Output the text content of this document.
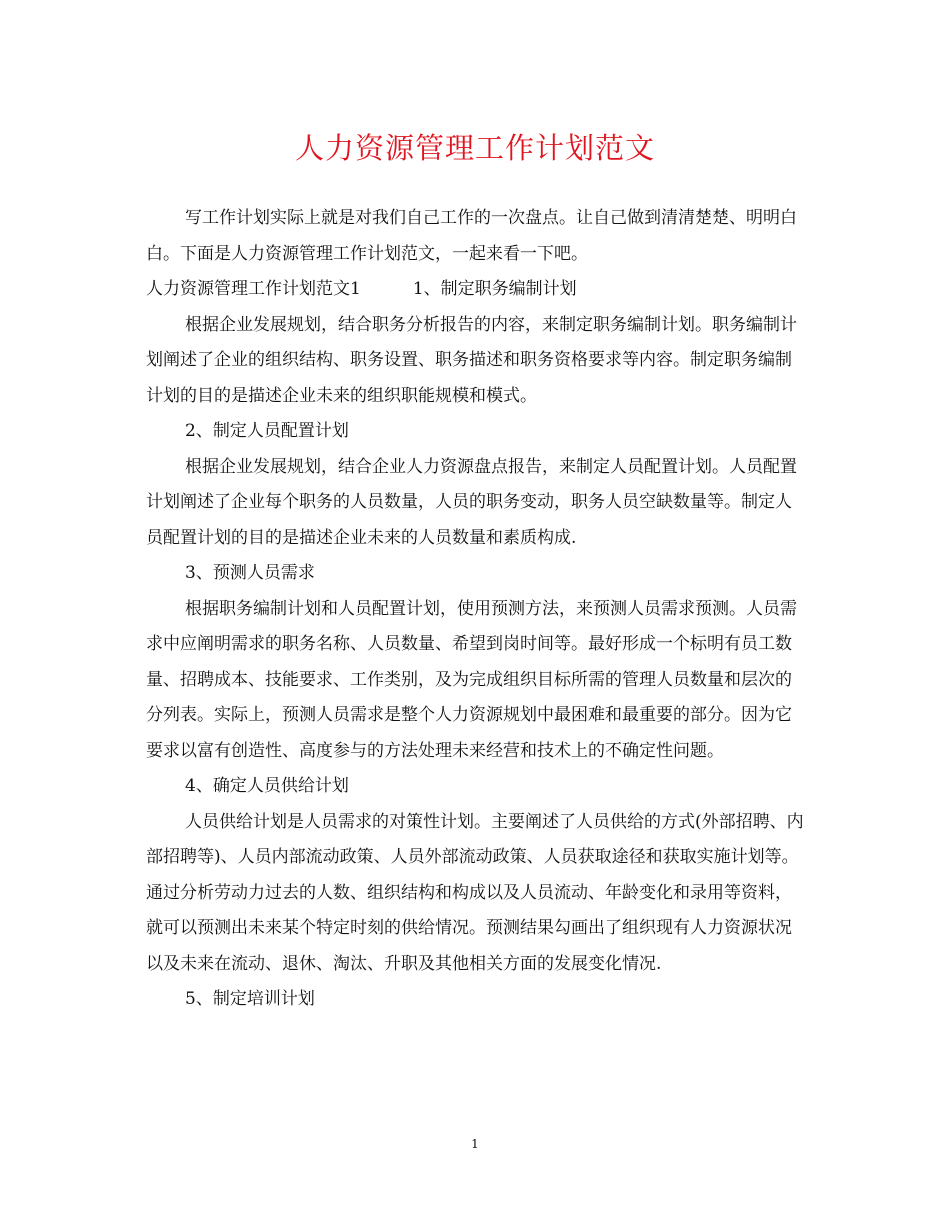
人力资源管理工作计划范文

写工作计划实际上就是对我们自己工作的一次盘点。让自己做到清清楚楚、明明白白。下面是人力资源管理工作计划范文，一起来看一下吧。

人力资源管理工作计划范文1	1、制定职务编制计划

根据企业发展规划，结合职务分析报告的内容，来制定职务编制计划。职务编制计划阐述了企业的组织结构、职务设置、职务描述和职务资格要求等内容。制定职务编制计划的目的是描述企业未来的组织职能规模和模式。

2、制定人员配置计划

根据企业发展规划，结合企业人力资源盘点报告，来制定人员配置计划。人员配置计划阐述了企业每个职务的人员数量，人员的职务变动，职务人员空缺数量等。制定人员配置计划的目的是描述企业未来的人员数量和素质构成.

3、预测人员需求

根据职务编制计划和人员配置计划，使用预测方法，来预测人员需求预测。人员需求中应阐明需求的职务名称、人员数量、希望到岗时间等。最好形成一个标明有员工数量、招聘成本、技能要求、工作类别，及为完成组织目标所需的管理人员数量和层次的分列表。实际上，预测人员需求是整个人力资源规划中最困难和最重要的部分。因为它要求以富有创造性、高度参与的方法处理未来经营和技术上的不确定性问题。

4、确定人员供给计划

人员供给计划是人员需求的对策性计划。主要阐述了人员供给的方式(外部招聘、内部招聘等)、人员内部流动政策、人员外部流动政策、人员获取途径和获取实施计划等。通过分析劳动力过去的人数、组织结构和构成以及人员流动、年龄变化和录用等资料，就可以预测出未来某个特定时刻的供给情况。预测结果勾画出了组织现有人力资源状况以及未来在流动、退休、淘汰、升职及其他相关方面的发展变化情况.

5、制定培训计划

1
